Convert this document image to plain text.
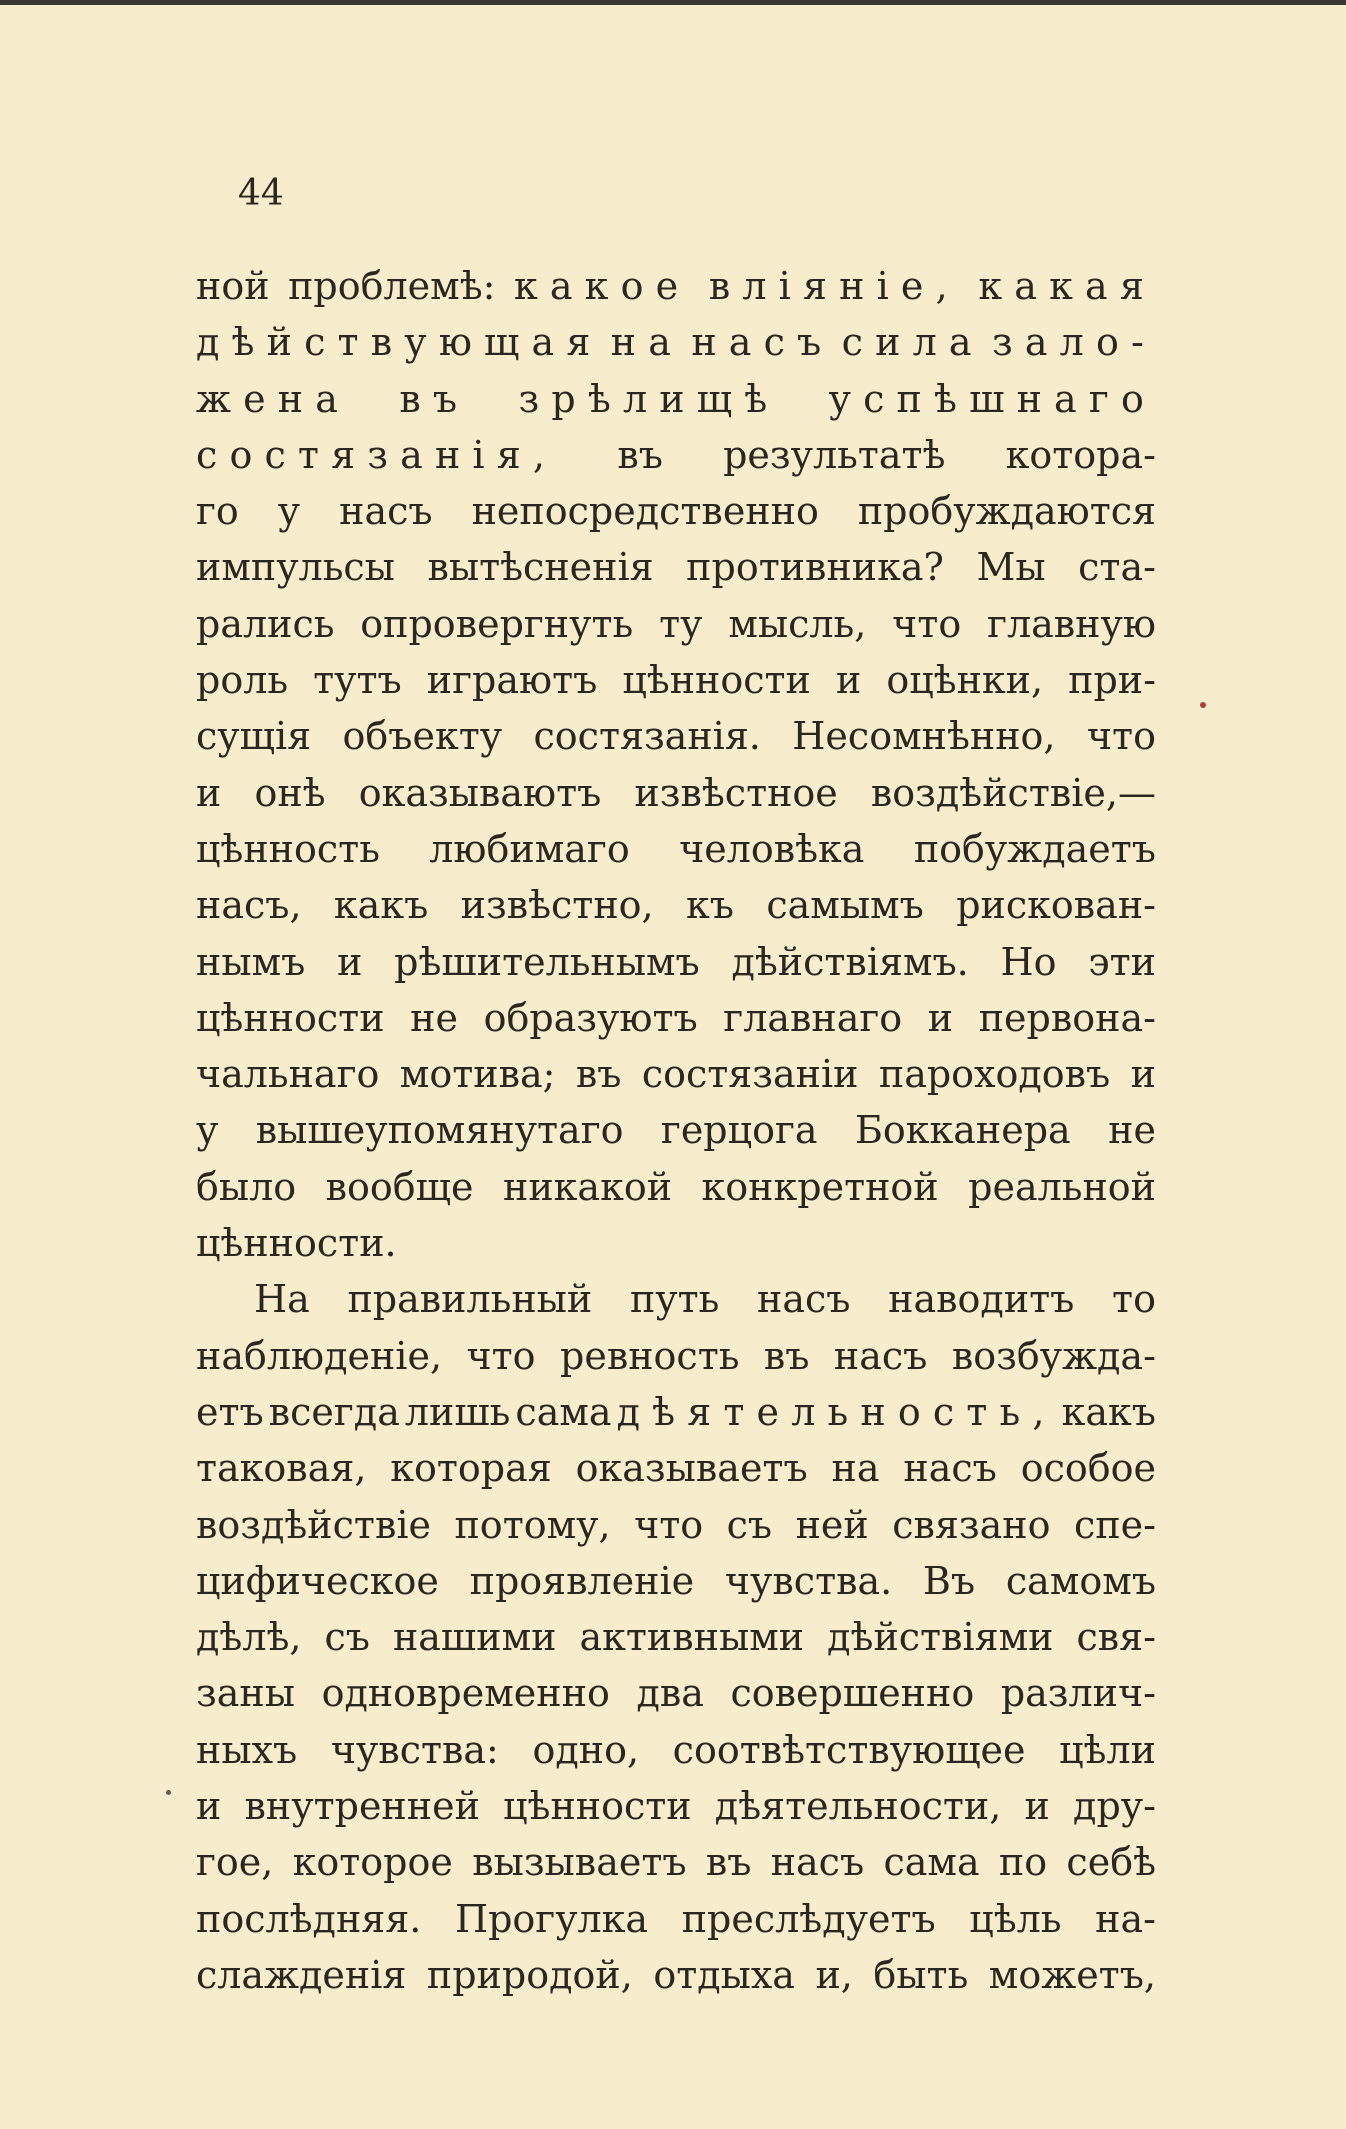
44
ной проблемѣ: какое вліяніе, какая
дѣйствующая на насъ сила зало-
жена въ зрѣлищѣ успѣшнаго
состязанія, въ результатѣ котора-
го у насъ непосредственно пробуждаются
импульсы вытѣсненія противника? Мы ста-
рались опровергнуть ту мысль, что главную
роль тутъ играютъ цѣнности и оцѣнки, при-
сущія объекту состязанія. Несомнѣнно, что
и онѣ оказываютъ извѣстное воздѣйствіе,—
цѣнность любимаго человѣка побуждаетъ
насъ, какъ извѣстно, къ самымъ рискован-
нымъ и рѣшительнымъ дѣйствіямъ. Но эти
цѣнности не образуютъ главнаго и первона-
чальнаго мотива; въ состязаніи пароходовъ и
у вышеупомянутаго герцога Бокканера не
было вообще никакой конкретной реальной
цѣнности.
На правильный путь насъ наводитъ то
наблюденіе, что ревность въ насъ возбужда-
етъ всегда лишь сама дѣятельность, какъ
таковая, которая оказываетъ на насъ особое
воздѣйствіе потому, что съ ней связано спе-
цифическое проявленіе чувства. Въ самомъ
дѣлѣ, съ нашими активными дѣйствіями свя-
заны одновременно два совершенно различ-
ныхъ чувства: одно, соотвѣтствующее цѣли
и внутренней цѣнности дѣятельности, и дру-
гое, которое вызываетъ въ насъ сама по себѣ
послѣдняя. Прогулка преслѣдуетъ цѣль на-
слажденія природой, отдыха и, быть можетъ,
